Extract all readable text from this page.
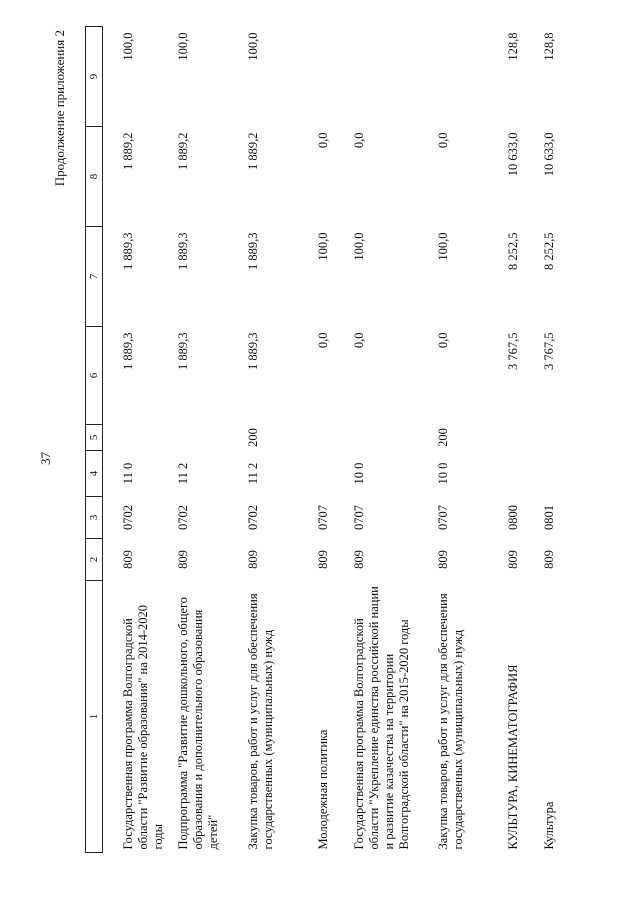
37
Продолжение приложения 2
1	2	3	4	5	6	7	8	9
Государственная программа Волгоградской области "Развитие образования" на 2014-2020 годы	809	0702	11 0		1 889,3	1 889,3	1 889,2	100,0
Подпрограмма "Развитие дошкольного, общего образования и дополнительного образования детей"	809	0702	11 2		1 889,3	1 889,3	1 889,2	100,0
Закупка товаров, работ и услуг для обеспечения государственных (муниципальных) нужд	809	0702	11 2	200	1 889,3	1 889,3	1 889,2	100,0
Молодежная политика	809	0707			0,0	100,0	0,0	
Государственная программа Волгоградской области "Укрепление единства российской нации и развитие казачества на территории Волгоградской области" на 2015-2020 годы	809	0707	10 0		0,0	100,0	0,0	
Закупка товаров, работ и услуг для обеспечения государственных (муниципальных) нужд	809	0707	10 0	200	0,0	100,0	0,0	
КУЛЬТУРА, КИНЕМАТОГРАФИЯ	809	0800			3 767,5	8 252,5	10 633,0	128,8
Культура	809	0801			3 767,5	8 252,5	10 633,0	128,8
